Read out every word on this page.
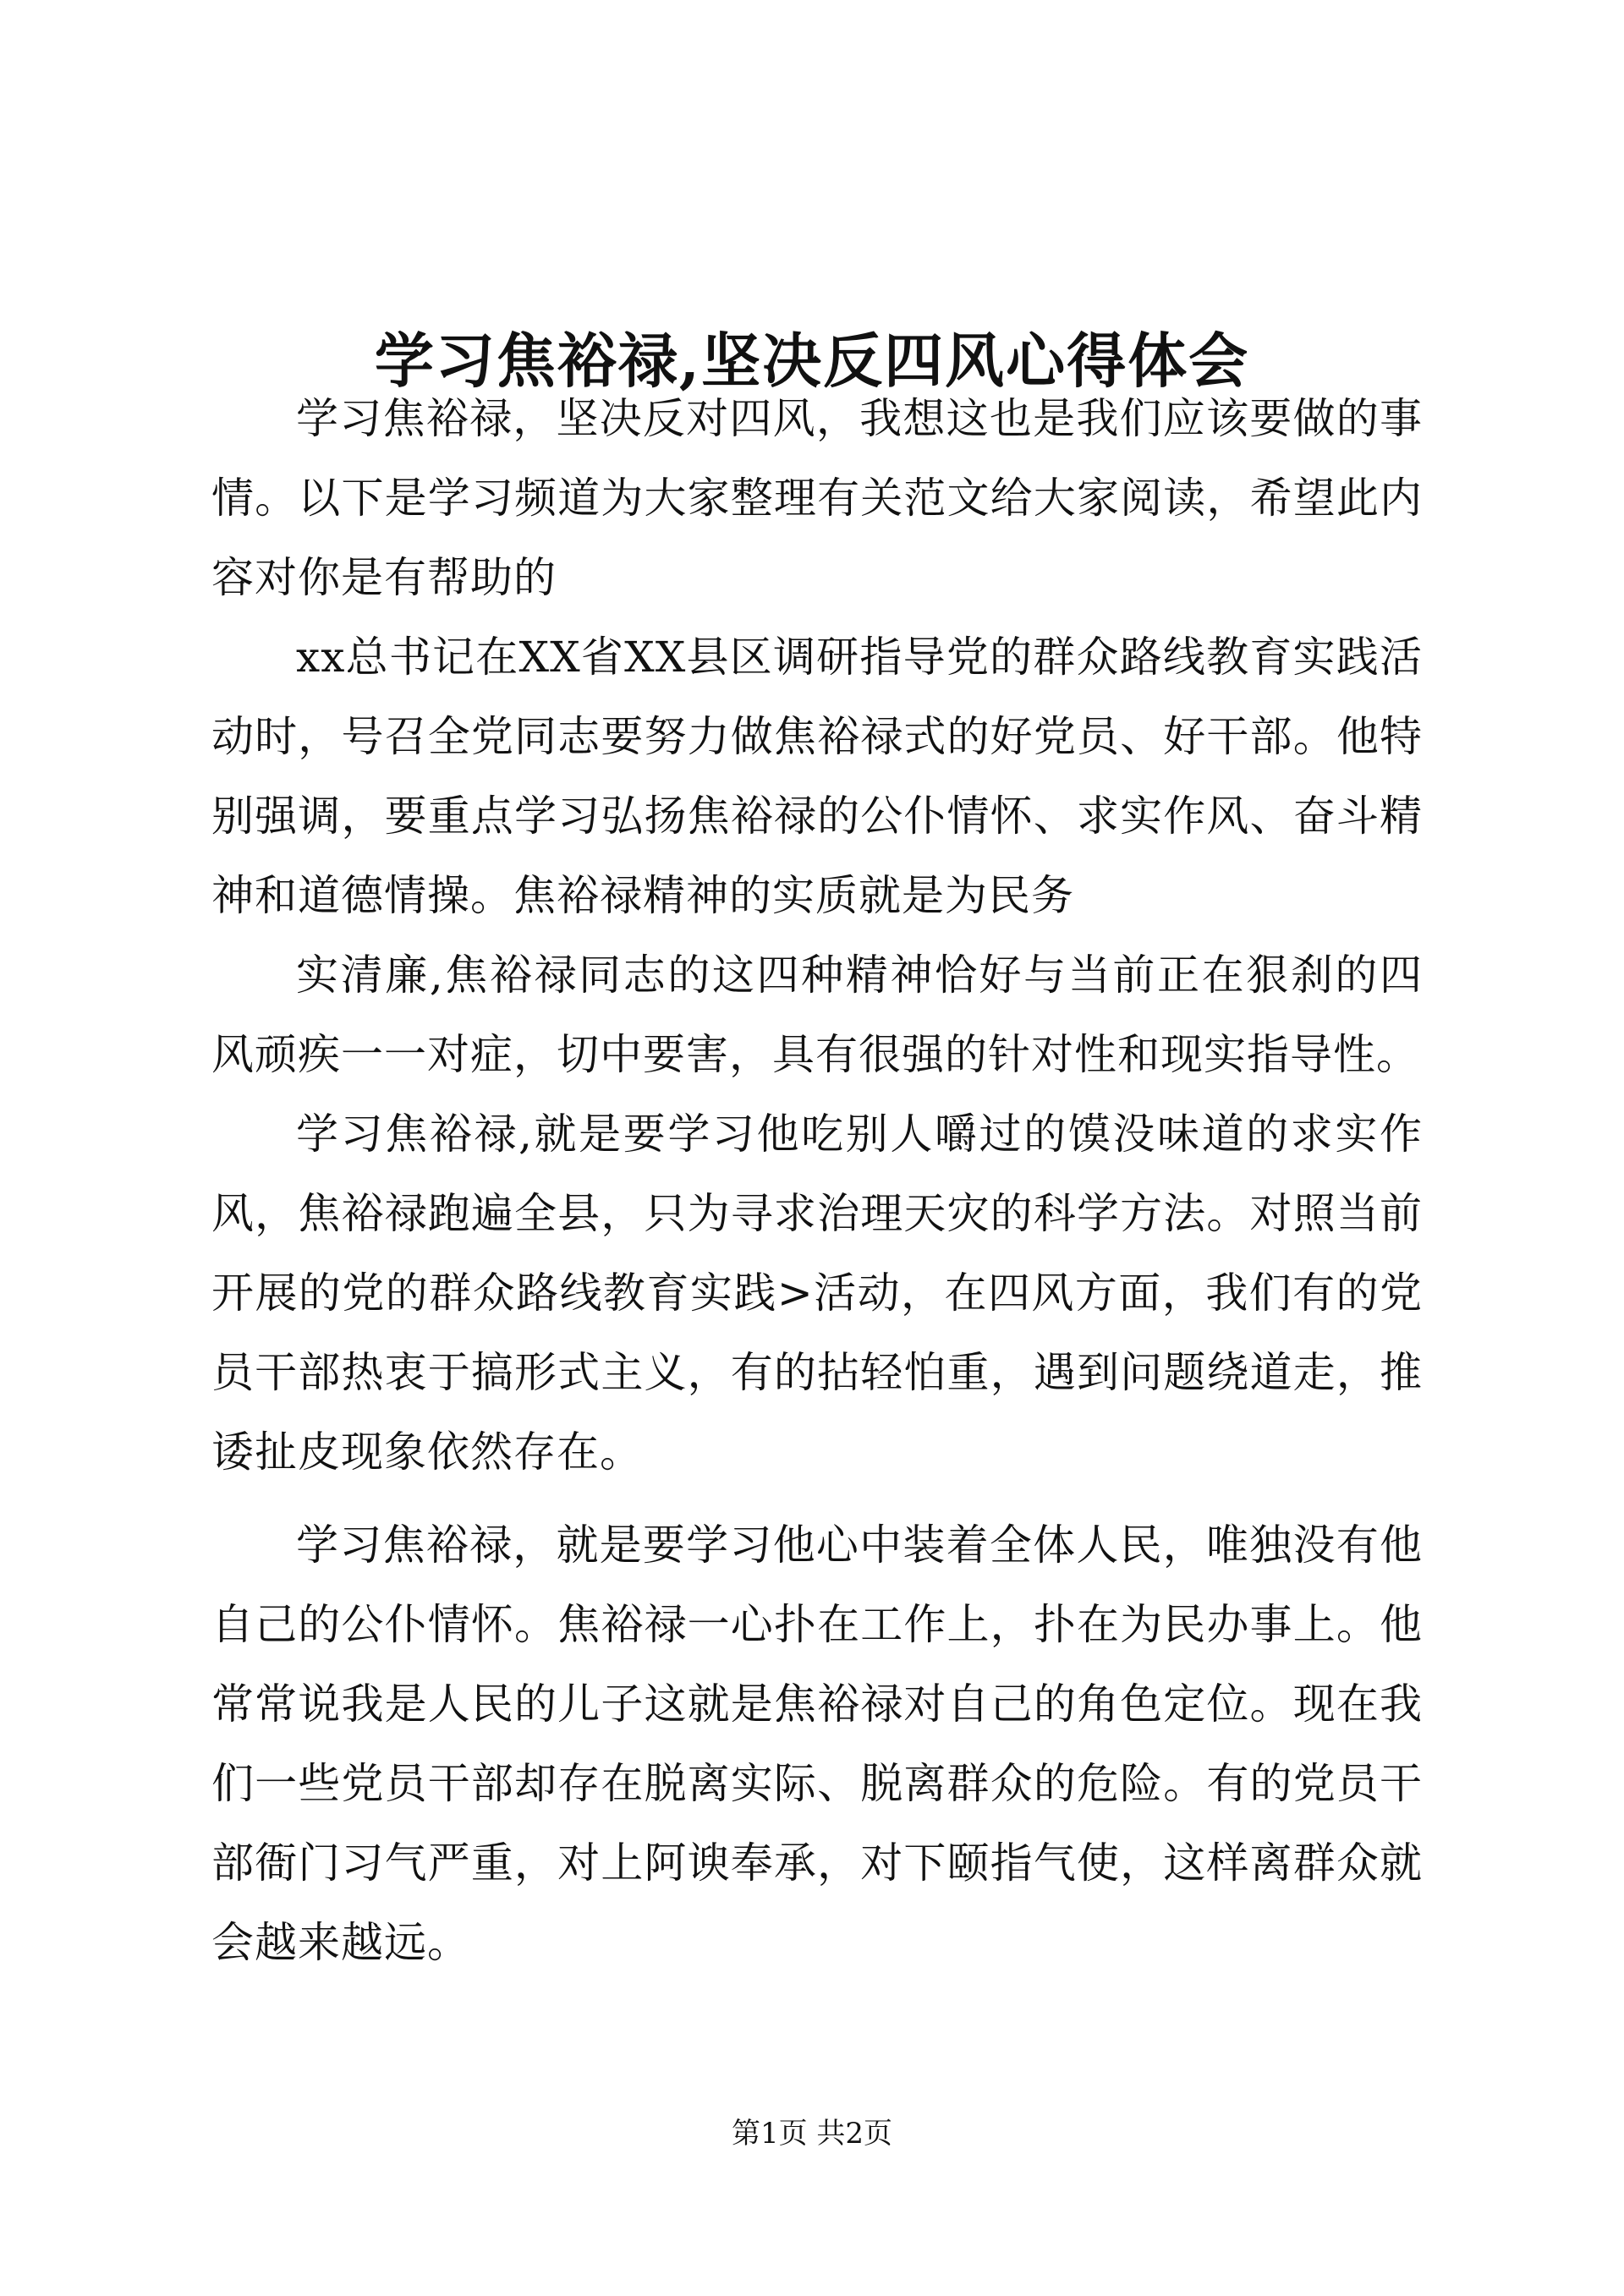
学习焦裕禄,坚决反四风心得体会

学习焦裕禄，坚决反对四风，我想这也是我们应该要做的事情。以下是学习频道为大家整理有关范文给大家阅读，希望此内容对你是有帮助的

xx总书记在XX省XX县区调研指导党的群众路线教育实践活动时，号召全党同志要努力做焦裕禄式的好党员、好干部。他特别强调，要重点学习弘扬焦裕禄的公仆情怀、求实作风、奋斗精神和道德情操。焦裕禄精神的实质就是为民务

实清廉,焦裕禄同志的这四种精神恰好与当前正在狠刹的四风顽疾一一对症，切中要害，具有很强的针对性和现实指导性。

学习焦裕禄,就是要学习他吃别人嚼过的馍没味道的求实作风，焦裕禄跑遍全县，只为寻求治理天灾的科学方法。对照当前开展的党的群众路线教育实践>活动，在四风方面，我们有的党员干部热衷于搞形式主义，有的拈轻怕重，遇到问题绕道走，推诿扯皮现象依然存在。

学习焦裕禄，就是要学习他心中装着全体人民，唯独没有他自己的公仆情怀。焦裕禄一心扑在工作上，扑在为民办事上。他常常说我是人民的儿子这就是焦裕禄对自己的角色定位。现在我们一些党员干部却存在脱离实际、脱离群众的危险。有的党员干部衙门习气严重，对上阿谀奉承，对下颐指气使，这样离群众就会越来越远。

第1页 共2页
